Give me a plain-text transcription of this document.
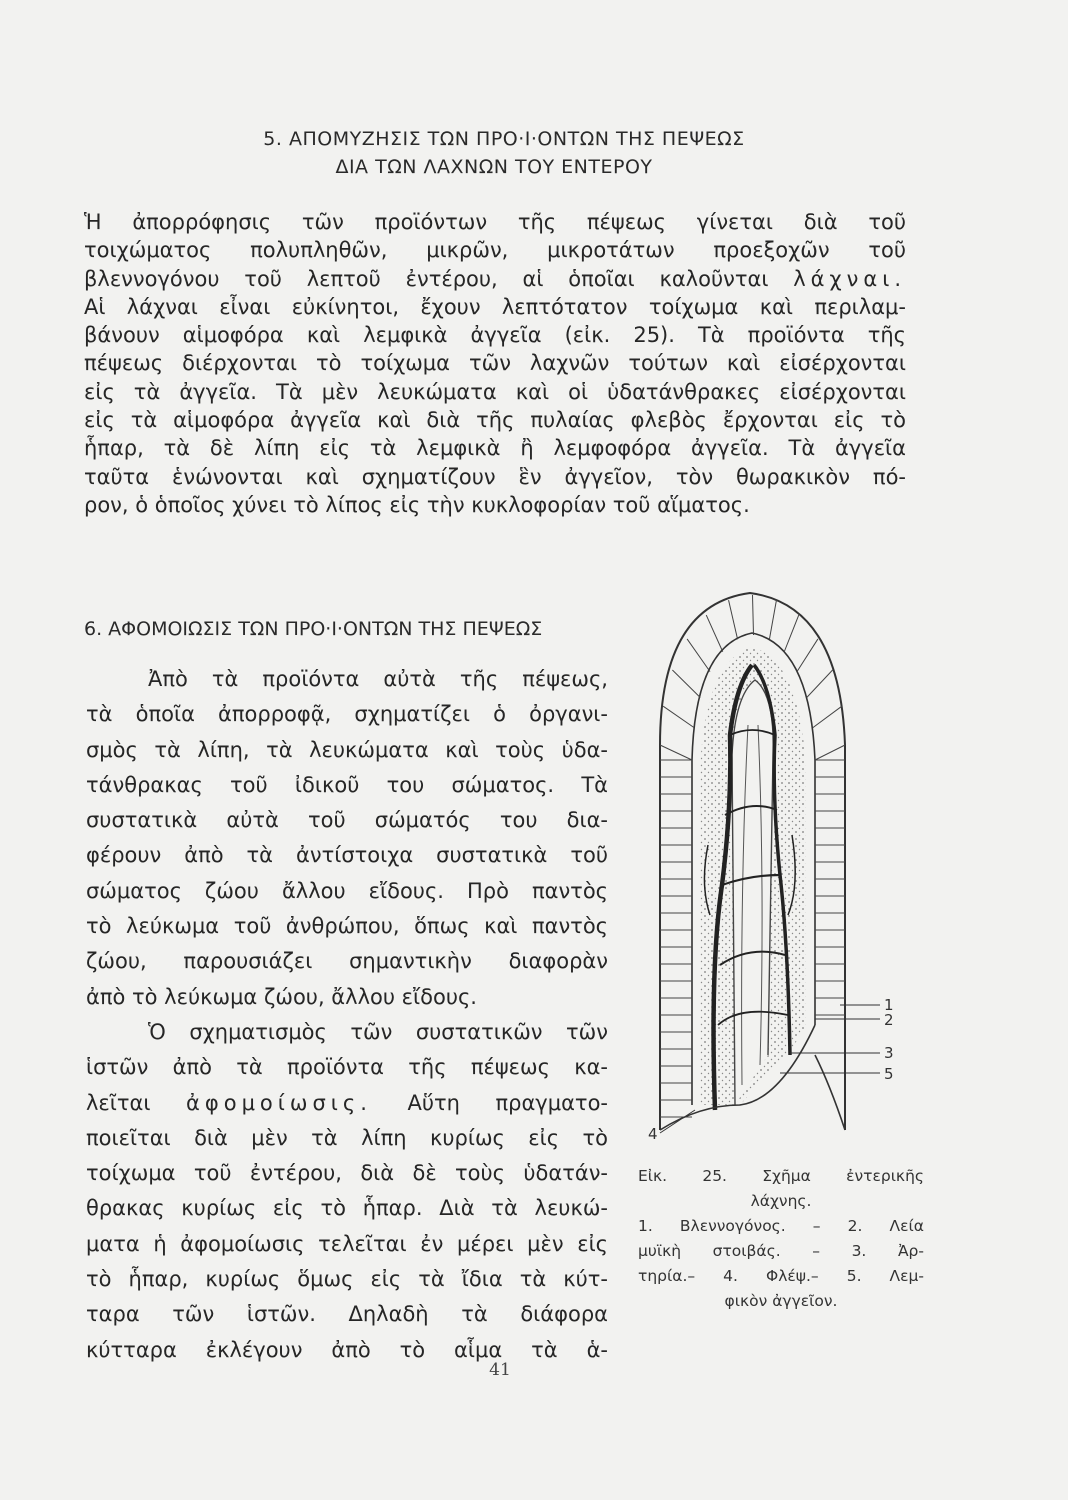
5. ΑΠΟΜΥΖΗΣΙΣ ΤΩΝ ΠΡΟ·Ι·ΟΝΤΩΝ ΤΗΣ ΠΕΨΕΩΣ
ΔΙΑ ΤΩΝ ΛΑΧΝΩΝ ΤΟΥ ΕΝΤΕΡΟΥ
Ἡ ἀπορρόφησις τῶν προϊόντων τῆς πέψεως γίνεται διὰ τοῦ
τοιχώματος πολυπληθῶν, μικρῶν, μικροτάτων προεξοχῶν τοῦ
βλεννογόνου τοῦ λεπτοῦ ἐντέρου, αἱ ὁποῖαι καλοῦνται λάχναι.
Αἱ λάχναι εἶναι εὐκίνητοι, ἔχουν λεπτότατον τοίχωμα καὶ περιλαμ-
βάνουν αἱμοφόρα καὶ λεμφικὰ ἀγγεῖα (εἰκ. 25). Τὰ προϊόντα τῆς
πέψεως διέρχονται τὸ τοίχωμα τῶν λαχνῶν τούτων καὶ εἰσέρχονται
εἰς τὰ ἀγγεῖα. Τὰ μὲν λευκώματα καὶ οἱ ὑδατάνθρακες εἰσέρχονται
εἰς τὰ αἱμοφόρα ἀγγεῖα καὶ διὰ τῆς πυλαίας φλεβὸς ἔρχονται εἰς τὸ
ἧπαρ, τὰ δὲ λίπη εἰς τὰ λεμφικὰ ἢ λεμφοφόρα ἀγγεῖα. Τὰ ἀγγεῖα
ταῦτα ἑνώνονται καὶ σχηματίζουν ἓν ἀγγεῖον, τὸν θωρακικὸν πό-
ρον, ὁ ὁποῖος χύνει τὸ λίπος εἰς τὴν κυκλοφορίαν τοῦ αἵματος.
6. ΑΦΟΜΟΙΩΣΙΣ ΤΩΝ ΠΡΟ·Ι·ΟΝΤΩΝ ΤΗΣ ΠΕΨΕΩΣ
Ἀπὸ τὰ προϊόντα αὐτὰ τῆς πέψεως,
τὰ ὁποῖα ἀπορροφᾷ, σχηματίζει ὁ ὀργανι-
σμὸς τὰ λίπη, τὰ λευκώματα καὶ τοὺς ὑδα-
τάνθρακας τοῦ ἰδικοῦ του σώματος. Τὰ
συστατικὰ αὐτὰ τοῦ σώματός του δια-
φέρουν ἀπὸ τὰ ἀντίστοιχα συστατικὰ τοῦ
σώματος ζώου ἄλλου εἴδους. Πρὸ παντὸς
τὸ λεύκωμα τοῦ ἀνθρώπου, ὅπως καὶ παντὸς
ζώου, παρουσιάζει σημαντικὴν διαφορὰν
ἀπὸ τὸ λεύκωμα ζώου, ἄλλου εἴδους.
Ὁ σχηματισμὸς τῶν συστατικῶν τῶν
ἱστῶν ἀπὸ τὰ προϊόντα τῆς πέψεως κα-
λεῖται ἀφομοίωσις. Αὕτη πραγματο-
ποιεῖται διὰ μὲν τὰ λίπη κυρίως εἰς τὸ
τοίχωμα τοῦ ἐντέρου, διὰ δὲ τοὺς ὑδατάν-
θρακας κυρίως εἰς τὸ ἧπαρ. Διὰ τὰ λευκώ-
ματα ἡ ἀφομοίωσις τελεῖται ἐν μέρει μὲν εἰς
τὸ ἧπαρ, κυρίως ὅμως εἰς τὰ ἴδια τὰ κύτ-
ταρα τῶν ἱστῶν. Δηλαδὴ τὰ διάφορα
κύτταρα ἐκλέγουν ἀπὸ τὸ αἷμα τὰ ἁ-
1
2
3
4
5
Εἰκ. 25. Σχῆμα ἐντερικῆς
λάχνης.
1. Βλεννογόνος. – 2. Λεία
μυϊκὴ στοιβάς. – 3. Ἀρ-
τηρία.– 4. Φλέψ.– 5. Λεμ-
φικὸν ἀγγεῖον.
41
